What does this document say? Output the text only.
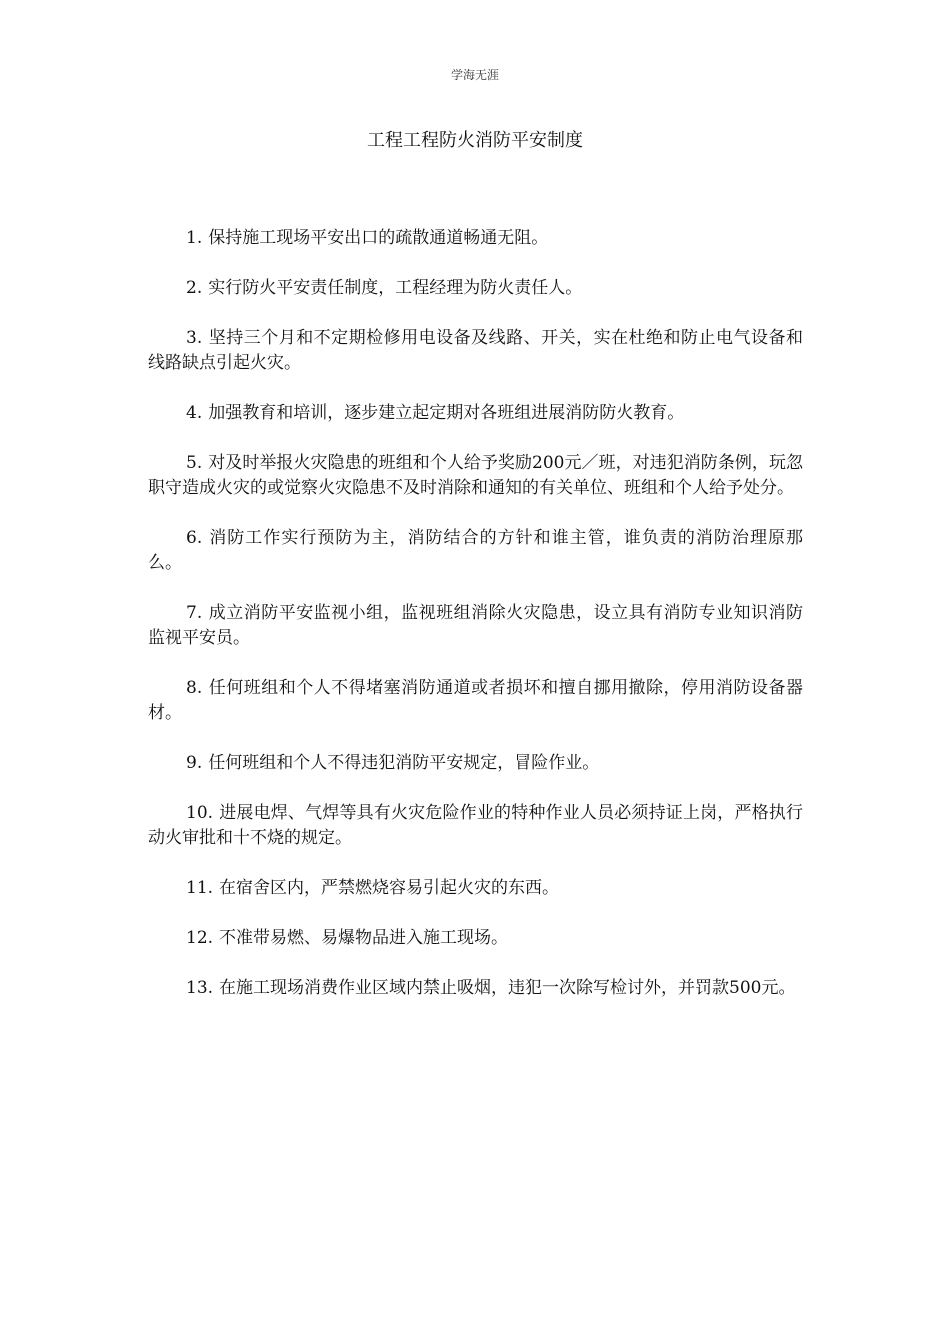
学海无涯
工程工程防火消防平安制度

1. 保持施工现场平安出口的疏散通道畅通无阻。

2. 实行防火平安责任制度，工程经理为防火责任人。

3. 坚持三个月和不定期检修用电设备及线路、开关，实在杜绝和防止电气设备和线路缺点引起火灾。

4. 加强教育和培训，逐步建立起定期对各班组进展消防防火教育。

5. 对及时举报火灾隐患的班组和个人给予奖励200元／班，对违犯消防条例，玩忽职守造成火灾的或觉察火灾隐患不及时消除和通知的有关单位、班组和个人给予处分。

6. 消防工作实行预防为主，消防结合的方针和谁主管，谁负责的消防治理原那么。

7. 成立消防平安监视小组，监视班组消除火灾隐患，设立具有消防专业知识消防监视平安员。

8. 任何班组和个人不得堵塞消防通道或者损坏和擅自挪用撤除，停用消防设备器材。

9. 任何班组和个人不得违犯消防平安规定，冒险作业。

10. 进展电焊、气焊等具有火灾危险作业的特种作业人员必须持证上岗，严格执行动火审批和十不烧的规定。

11. 在宿舍区内，严禁燃烧容易引起火灾的东西。

12. 不准带易燃、易爆物品进入施工现场。

13. 在施工现场消费作业区域内禁止吸烟，违犯一次除写检讨外，并罚款500元。
